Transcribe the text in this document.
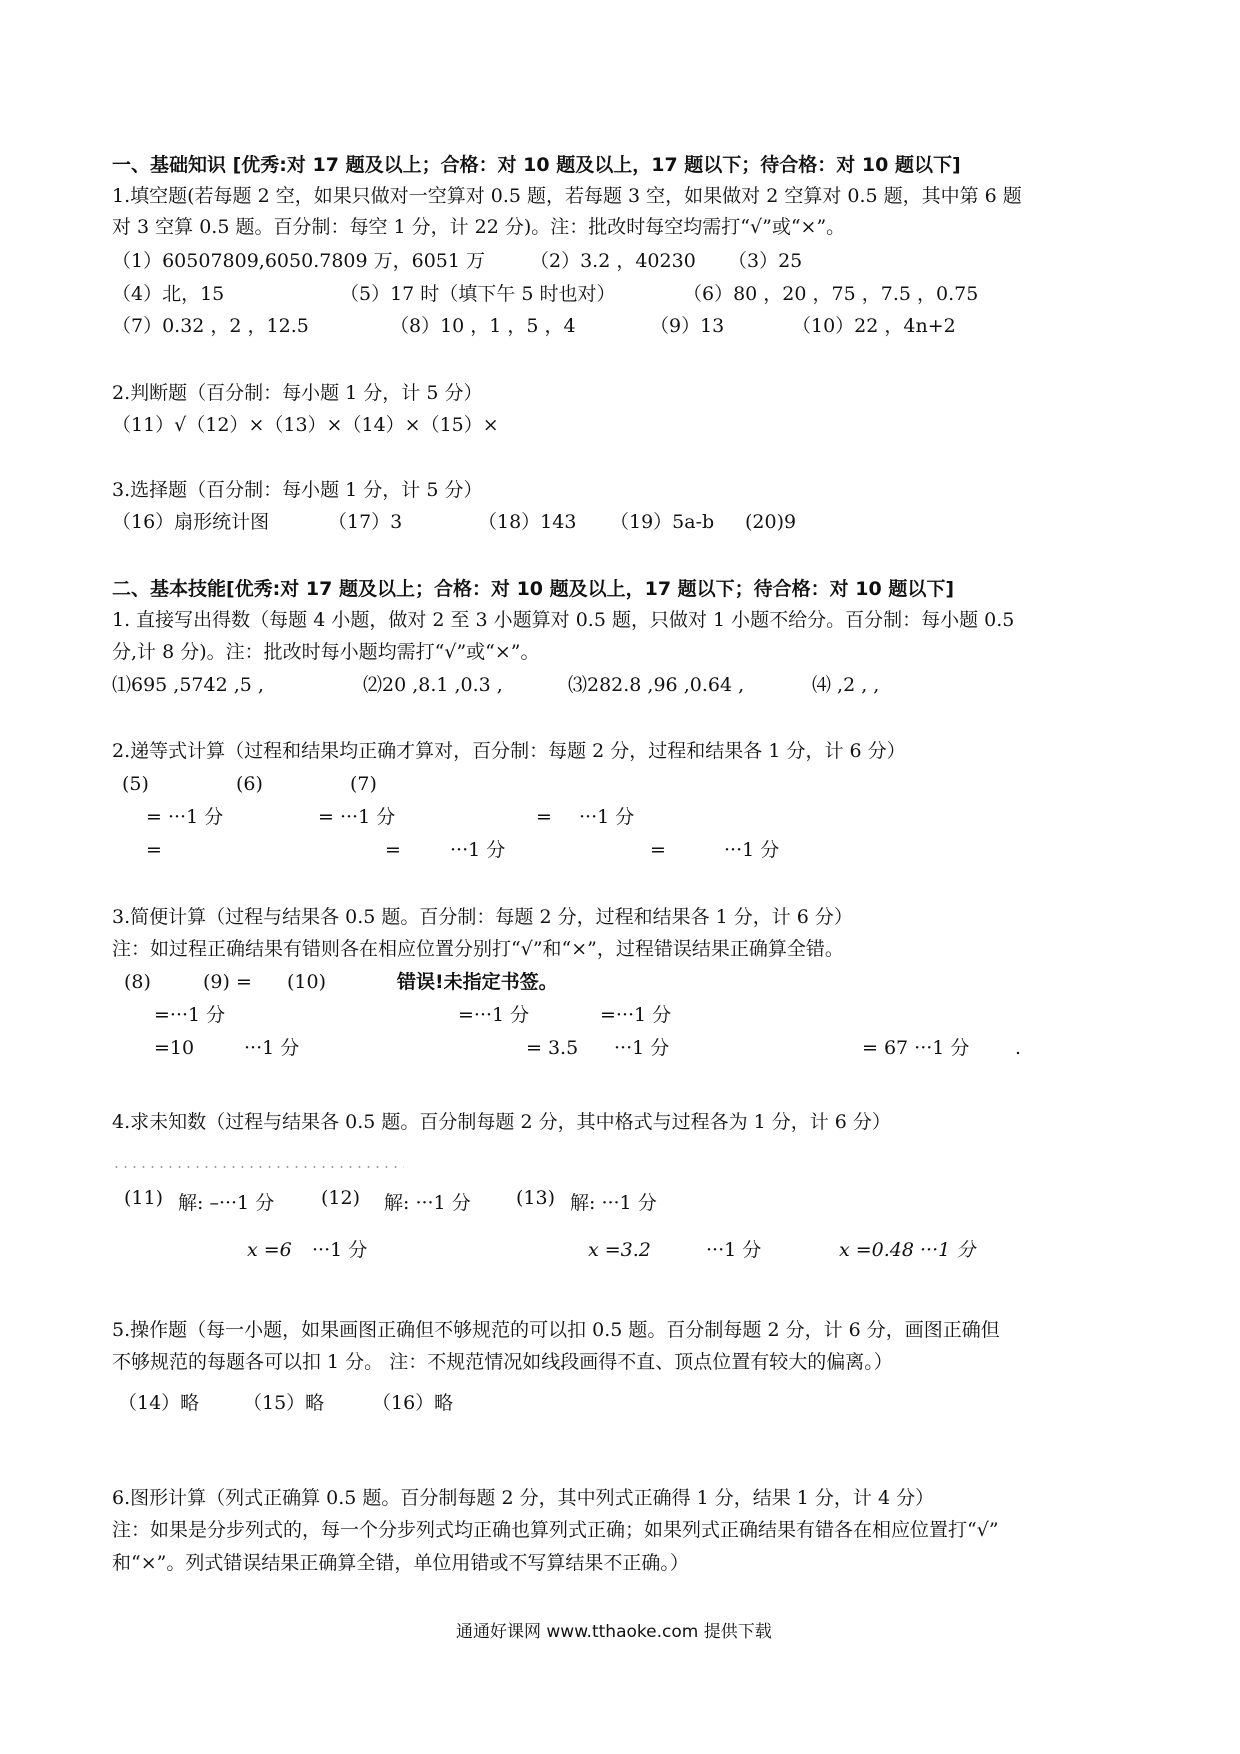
一、基础知识 [优秀:对 17 题及以上；合格：对 10 题及以上，17 题以下；待合格：对 10 题以下]
1.填空题(若每题 2 空，如果只做对一空算对 0.5 题，若每题 3 空，如果做对 2 空算对 0.5 题，其中第 6 题
对 3 空算 0.5 题。百分制：每空 1 分，计 22 分)。注：批改时每空均需打“√”或“×”。
（1）60507809,6050.7809 万，6051 万 （2）3.2 ，40230 （3）25
（4）北，15	（5）17 时（填下午 5 时也对）	（6）80 ，20 ，75 ，7.5 ，0.75
（7）0.32 ，2 ，12.5	（8）10 ，1 ，5 ，4	（9）13	（10）22 ，4n+2
2.判断题（百分制：每小题 1 分，计 5 分）
（11）√（12）×（13）×（14）×（15）×
3.选择题（百分制：每小题 1 分，计 5 分）
（16）扇形统计图	（17）3	（18）143 （19）5a-b (20)9
二、基本技能[优秀:对 17 题及以上；合格：对 10 题及以上，17 题以下；待合格：对 10 题以下]
1. 直接写出得数（每题 4 小题，做对 2 至 3 小题算对 0.5 题，只做对 1 小题不给分。百分制：每小题 0.5
分,计 8 分)。注：批改时每小题均需打“√”或“×”。
⑴695 ,5742 ,5 ,	⑵20 ,8.1 ,0.3 ,	⑶282.8 ,96 ,0.64 ,	⑷ ,2 , ,
2.递等式计算（过程和结果均正确才算对，百分制：每题 2 分，过程和结果各 1 分，计 6 分）
(5)	(6)	(7)
= ···1 分	= ···1 分	= ···1 分
=	=	···1 分	=	···1 分
3.简便计算（过程与结果各 0.5 题。百分制：每题 2 分，过程和结果各 1 分，计 6 分）
注：如过程正确结果有错则各在相应位置分别打“√”和“×”，过程错误结果正确算全错。
(8)	(9) = (10)	错误!未指定书签。
=···1 分	=···1 分	=···1 分
=10	···1 分	= 3.5 ···1 分	= 67 ···1 分 .
4.求未知数（过程与结果各 0.5 题。百分制每题 2 分，其中格式与过程各为 1 分，计 6 分）
(11) 解: –···1 分 (12) 解: ···1 分 (13) 解: ···1 分
x =6 ···1 分	x =3.2	···1 分	x =0.48 ···1 分
5.操作题（每一小题，如果画图正确但不够规范的可以扣 0.5 题。百分制每题 2 分，计 6 分，画图正确但
不够规范的每题各可以扣 1 分。 注：不规范情况如线段画得不直、顶点位置有较大的偏离。）
（14）略 （15）略	（16）略
6.图形计算（列式正确算 0.5 题。百分制每题 2 分，其中列式正确得 1 分，结果 1 分，计 4 分）
注：如果是分步列式的，每一个分步列式均正确也算列式正确；如果列式正确结果有错各在相应位置打“√”
和“×”。列式错误结果正确算全错，单位用错或不写算结果不正确。）
通通好课网 www.tthaoke.com 提供下载
